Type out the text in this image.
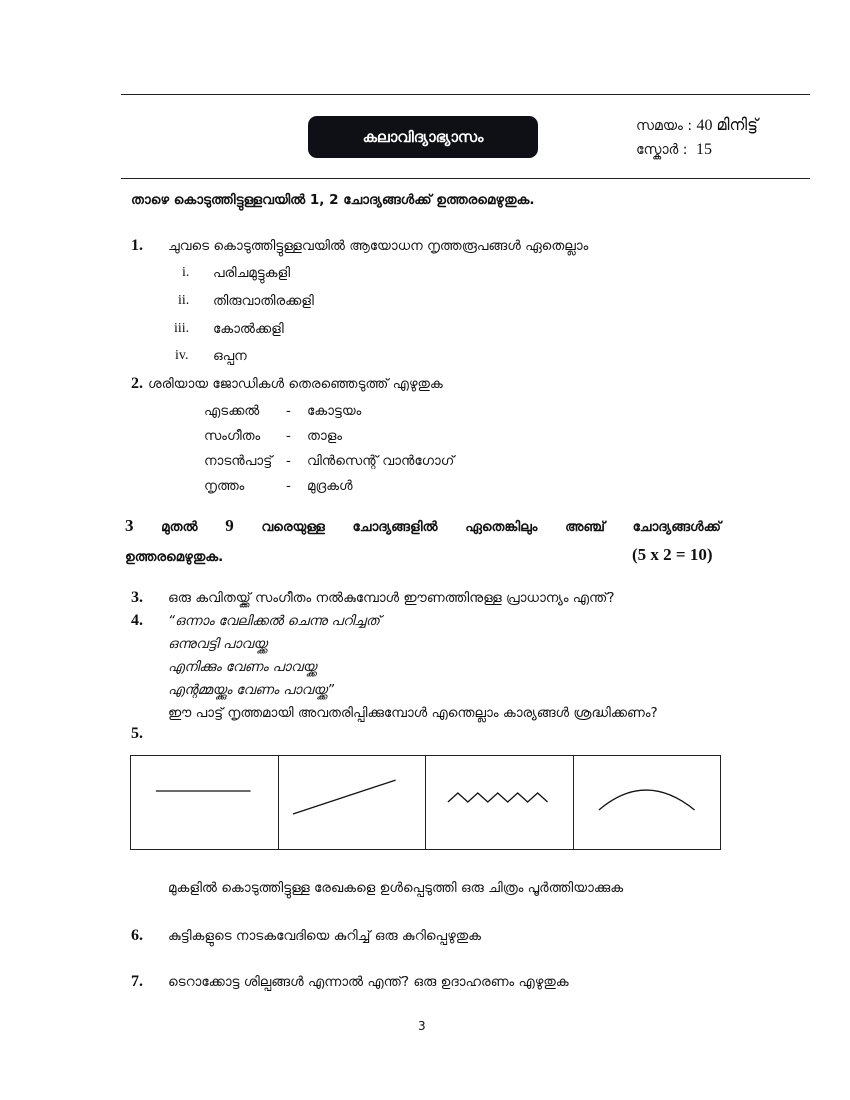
കലാവിദ്യാഭ്യാസം
സമയം : 40 മിനിട്ട്
സ്കോർ : 15
താഴെ കൊടുത്തിട്ടുള്ളവയിൽ 1, 2 ചോദ്യങ്ങൾക്ക് ഉത്തരമെഴുതുക.
1. ചുവടെ കൊടുത്തിട്ടുള്ളവയിൽ ആയോധന നൃത്തരൂപങ്ങൾ ഏതെല്ലാം
i. പരിചമുട്ടുകളി
ii. തിരുവാതിരക്കളി
iii. കോൽക്കളി
iv. ഒപ്പന
2. ശരിയായ ജോഡികൾ തെരഞ്ഞെടുത്ത് എഴുതുക
എടക്കൽ - കോട്ടയം
സംഗീതം - താളം
നാടൻപാട്ട് - വിൻസെന്റ് വാൻഗോഗ്
നൃത്തം	- മുദ്രകൾ
3 മുതൽ 9 വരെയുള്ള ചോദ്യങ്ങളിൽ ഏതെങ്കിലും അഞ്ച് ചോദ്യങ്ങൾക്ക്
ഉത്തരമെഴുതുക.	(5 x 2 = 10)
3. ഒരു കവിതയ്ക്ക് സംഗീതം നൽകുമ്പോൾ ഈണത്തിനുള്ള പ്രാധാന്യം എന്ത്?
4. “ഒന്നാം വേലിക്കൽ ചെന്നു പറിച്ചത്
ഒന്നുവട്ടി പാവയ്ക്ക
എനിക്കും വേണം പാവയ്ക്ക
എന്റമ്മയ്ക്കും വേണം പാവയ്ക്ക”
ഈ പാട്ട് നൃത്തമായി അവതരിപ്പിക്കുമ്പോൾ എന്തെല്ലാം കാര്യങ്ങൾ ശ്രദ്ധിക്കണം?
5.
മുകളിൽ കൊടുത്തിട്ടുള്ള രേഖകളെ ഉൾപ്പെടുത്തി ഒരു ചിത്രം പൂർത്തിയാക്കുക
6. കുട്ടികളുടെ നാടകവേദിയെ കുറിച്ച് ഒരു കുറിപ്പെഴുതുക
7. ടെറാക്കോട്ട ശില്പങ്ങൾ എന്നാൽ എന്ത്? ഒരു ഉദാഹരണം എഴുതുക
3
